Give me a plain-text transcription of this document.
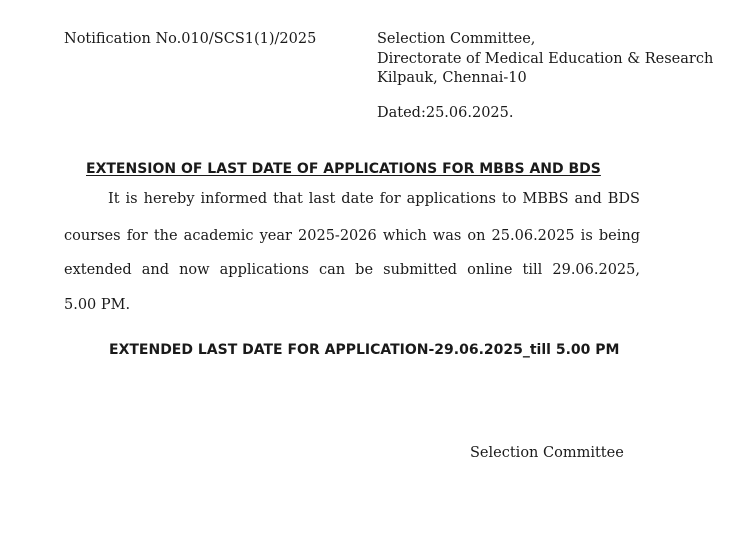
Notification No.010/SCS1(1)/2025	Selection Committee,
Directorate of Medical Education & Research
Kilpauk, Chennai-10
Dated:25.06.2025.
EXTENSION OF LAST DATE OF APPLICATIONS FOR MBBS AND BDS
It is hereby informed that last date for applications to MBBS and BDS
courses for the academic year 2025-2026 which was on 25.06.2025 is being
extended and now applications can be submitted online till 29.06.2025,
5.00 PM.
EXTENDED LAST DATE FOR APPLICATION-29.06.2025_till 5.00 PM
Selection Committee
